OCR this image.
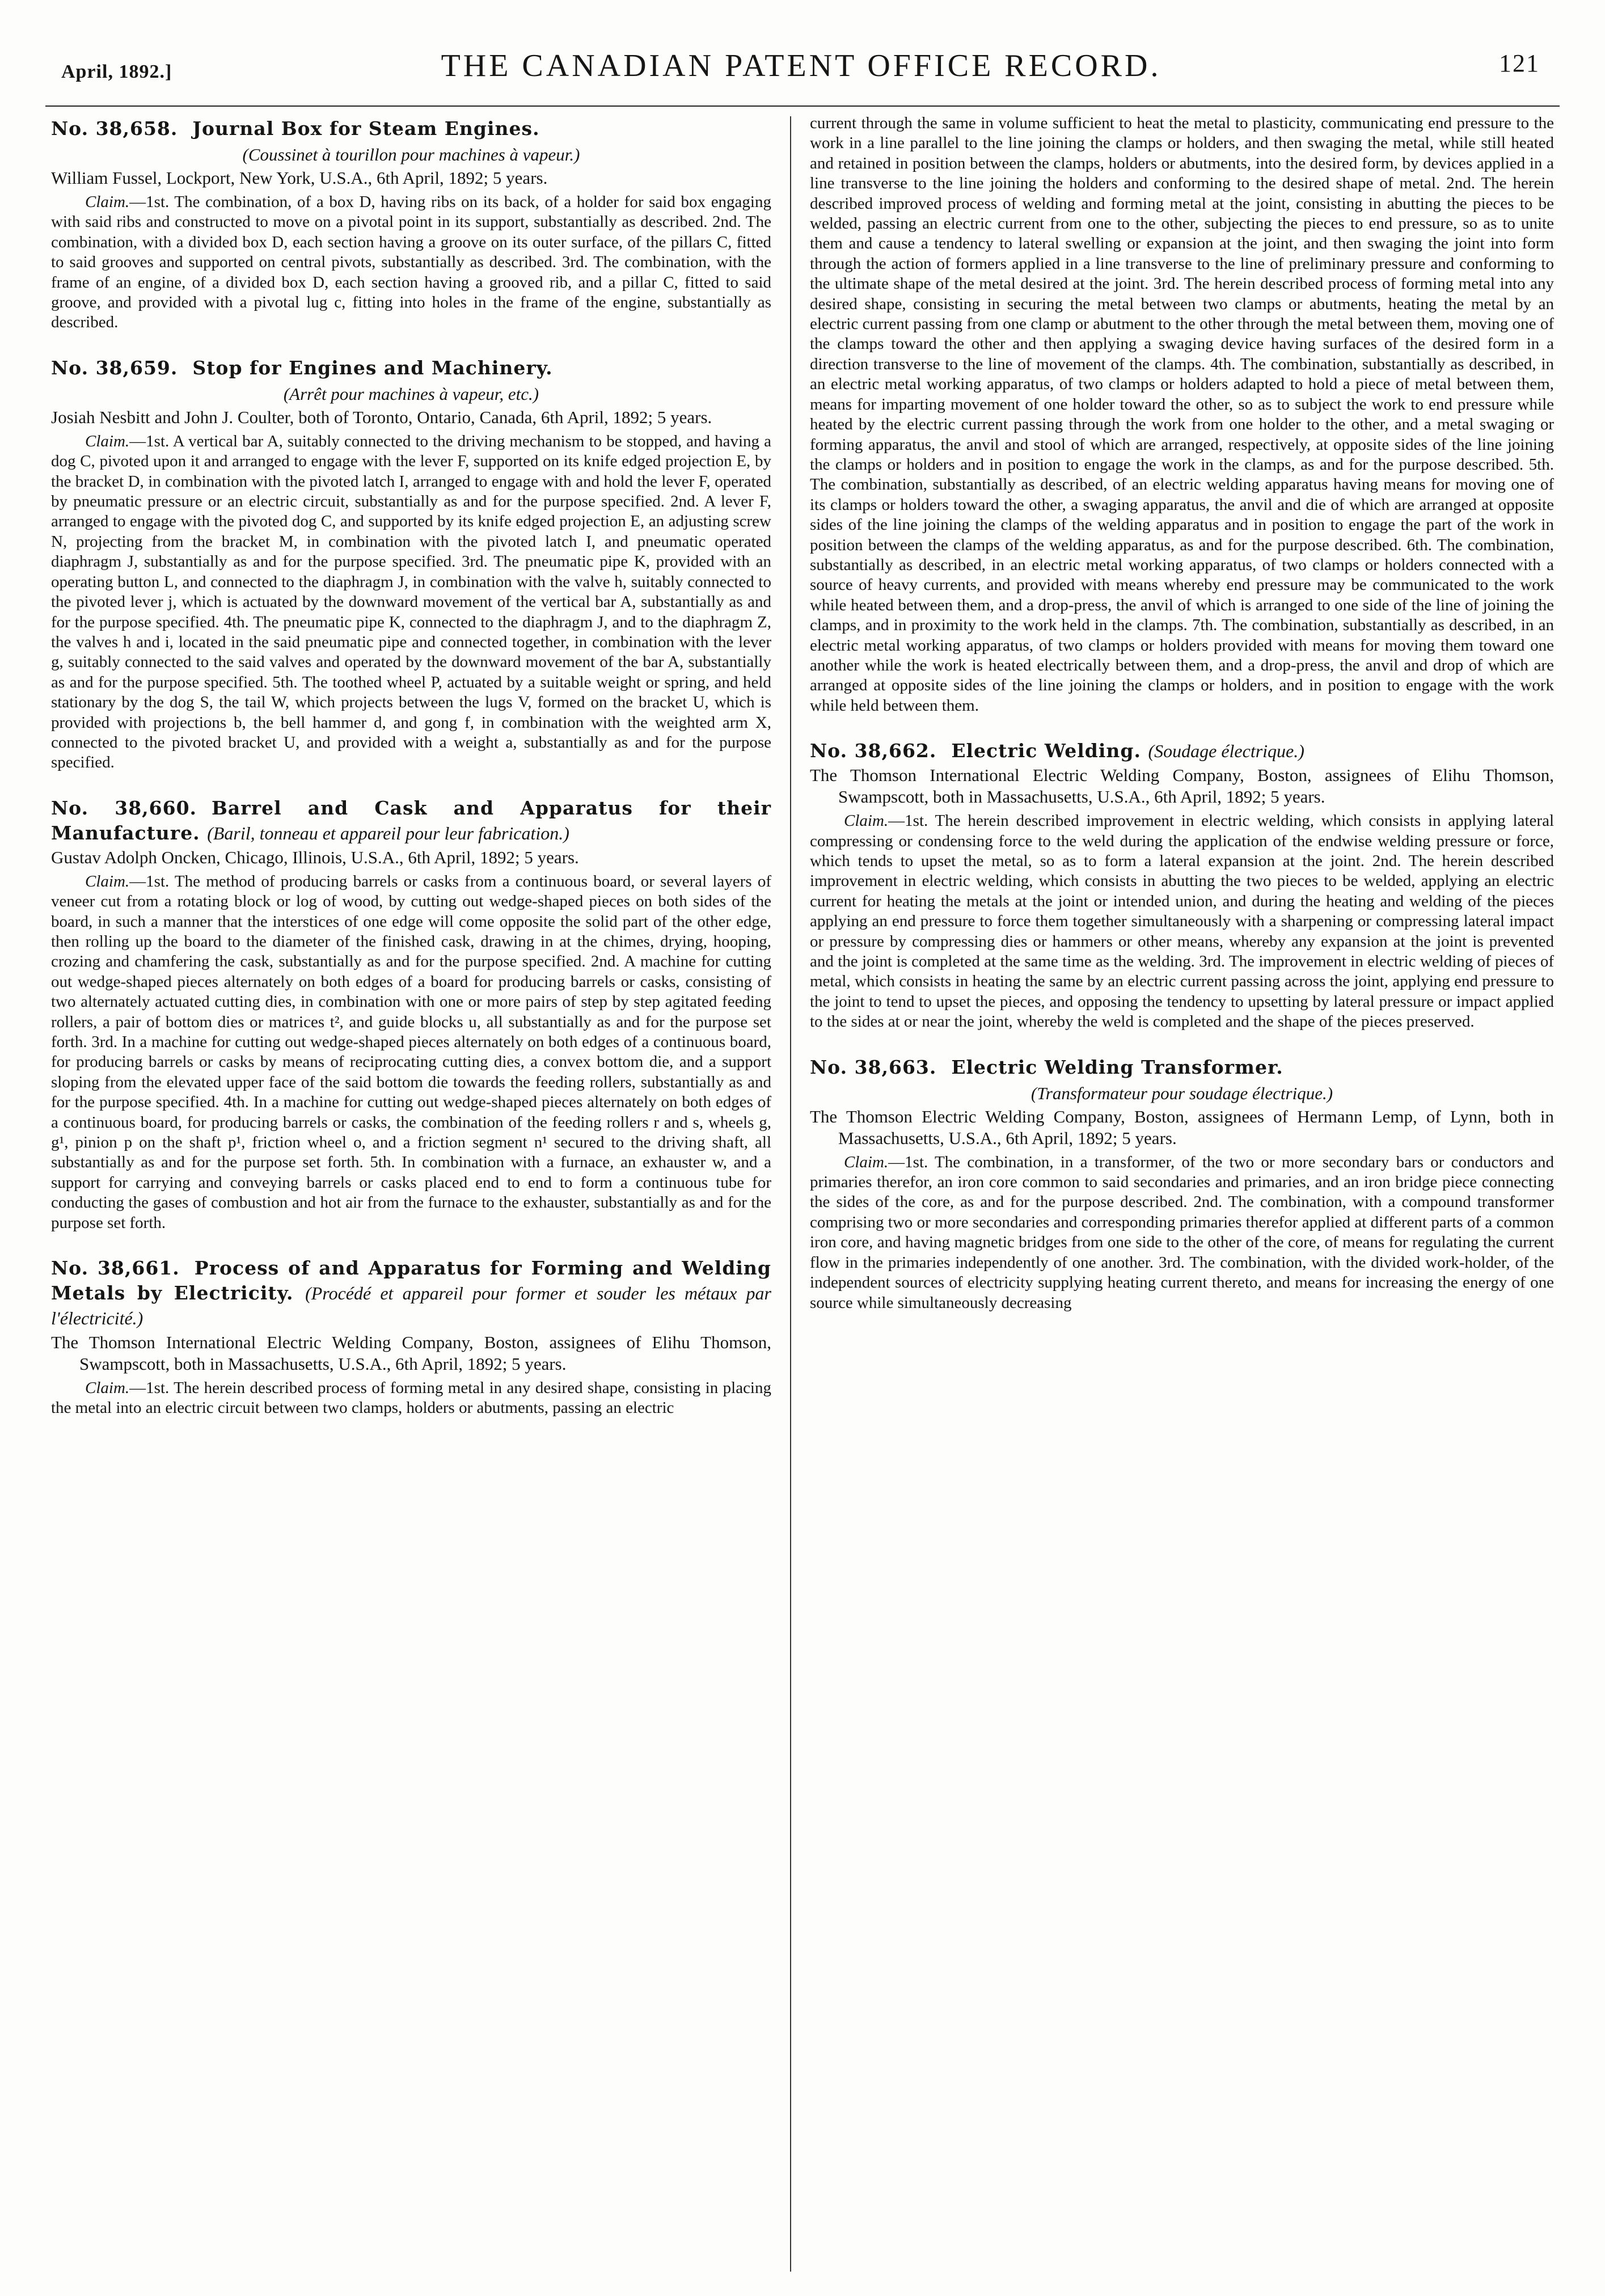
April, 1892.]	THE CANADIAN PATENT OFFICE RECORD.	121
No. 38,658. Journal Box for Steam Engines.
(Coussinet à tourillon pour machines à vapeur.)
William Fussel, Lockport, New York, U.S.A., 6th April, 1892; 5 years.

Claim.—1st. The combination, of a box D, having ribs on its back, of a holder for said box engaging with said ribs and constructed to move on a pivotal point in its support, substantially as described. 2nd. The combination, with a divided box D, each section having a groove on its outer surface, of the pillars C, fitted to said grooves and supported on central pivots, substantially as described. 3rd. The combination, with the frame of an engine, of a divided box D, each section having a grooved rib, and a pillar C, fitted to said groove, and provided with a pivotal lug c, fitting into holes in the frame of the engine, substantially as described.

No. 38,659. Stop for Engines and Machinery.
(Arrêt pour machines à vapeur, etc.)
Josiah Nesbitt and John J. Coulter, both of Toronto, Ontario, Canada, 6th April, 1892; 5 years.

Claim.—1st. A vertical bar A, suitably connected to the driving mechanism to be stopped, and having a dog C, pivoted upon it and arranged to engage with the lever F, supported on its knife edged projection E, by the bracket D, in combination with the pivoted latch I, arranged to engage with and hold the lever F, operated by pneumatic pressure or an electric circuit, substantially as and for the purpose specified. 2nd. A lever F, arranged to engage with the pivoted dog C, and supported by its knife edged projection E, an adjusting screw N, projecting from the bracket M, in combination with the pivoted latch I, and pneumatic operated diaphragm J, substantially as and for the purpose specified. 3rd. The pneumatic pipe K, provided with an operating button L, and connected to the diaphragm J, in combination with the valve h, suitably connected to the pivoted lever j, which is actuated by the downward movement of the vertical bar A, substantially as and for the purpose specified. 4th. The pneumatic pipe K, connected to the diaphragm J, and to the diaphragm Z, the valves h and i, located in the said pneumatic pipe and connected together, in combination with the lever g, suitably connected to the said valves and operated by the downward movement of the bar A, substantially as and for the purpose specified. 5th. The toothed wheel P, actuated by a suitable weight or spring, and held stationary by the dog S, the tail W, which projects between the lugs V, formed on the bracket U, which is provided with projections b, the bell hammer d, and gong f, in combination with the weighted arm X, connected to the pivoted bracket U, and provided with a weight a, substantially as and for the purpose specified.

No. 38,660. Barrel and Cask and Apparatus for their Manufacture. (Baril, tonneau et appareil pour leur fabrication.)
Gustav Adolph Oncken, Chicago, Illinois, U.S.A., 6th April, 1892; 5 years.

Claim.—1st. The method of producing barrels or casks from a continuous board, or several layers of veneer cut from a rotating block or log of wood, by cutting out wedge-shaped pieces on both sides of the board, in such a manner that the interstices of one edge will come opposite the solid part of the other edge, then rolling up the board to the diameter of the finished cask, drawing in at the chimes, drying, hooping, crozing and chamfering the cask, substantially as and for the purpose specified. 2nd. A machine for cutting out wedge-shaped pieces alternately on both edges of a board for producing barrels or casks, consisting of two alternately actuated cutting dies, in combination with one or more pairs of step by step agitated feeding rollers, a pair of bottom dies or matrices t², and guide blocks u, all substantially as and for the purpose set forth. 3rd. In a machine for cutting out wedge-shaped pieces alternately on both edges of a continuous board, for producing barrels or casks by means of reciprocating cutting dies, a convex bottom die, and a support sloping from the elevated upper face of the said bottom die towards the feeding rollers, substantially as and for the purpose specified. 4th. In a machine for cutting out wedge-shaped pieces alternately on both edges of a continuous board, for producing barrels or casks, the combination of the feeding rollers r and s, wheels g, g¹, pinion p on the shaft p¹, friction wheel o, and a friction segment n¹ secured to the driving shaft, all substantially as and for the purpose set forth. 5th. In combination with a furnace, an exhauster w, and a support for carrying and conveying barrels or casks placed end to end to form a continuous tube for conducting the gases of combustion and hot air from the furnace to the exhauster, substantially as and for the purpose set forth.

No. 38,661. Process of and Apparatus for Forming and Welding Metals by Electricity. (Procédé et appareil pour former et souder les métaux par l'électricité.)
The Thomson International Electric Welding Company, Boston, assignees of Elihu Thomson, Swampscott, both in Massachusetts, U.S.A., 6th April, 1892; 5 years.

Claim.—1st. The herein described process of forming metal in any desired shape, consisting in placing the metal into an electric circuit between two clamps, holders or abutments, passing an electric

current through the same in volume sufficient to heat the metal to plasticity, communicating end pressure to the work in a line parallel to the line joining the clamps or holders, and then swaging the metal, while still heated and retained in position between the clamps, holders or abutments, into the desired form, by devices applied in a line transverse to the line joining the holders and conforming to the desired shape of metal. 2nd. The herein described improved process of welding and forming metal at the joint, consisting in abutting the pieces to be welded, passing an electric current from one to the other, subjecting the pieces to end pressure, so as to unite them and cause a tendency to lateral swelling or expansion at the joint, and then swaging the joint into form through the action of formers applied in a line transverse to the line of preliminary pressure and conforming to the ultimate shape of the metal desired at the joint. 3rd. The herein described process of forming metal into any desired shape, consisting in securing the metal between two clamps or abutments, heating the metal by an electric current passing from one clamp or abutment to the other through the metal between them, moving one of the clamps toward the other and then applying a swaging device having surfaces of the desired form in a direction transverse to the line of movement of the clamps. 4th. The combination, substantially as described, in an electric metal working apparatus, of two clamps or holders adapted to hold a piece of metal between them, means for imparting movement of one holder toward the other, so as to subject the work to end pressure while heated by the electric current passing through the work from one holder to the other, and a metal swaging or forming apparatus, the anvil and stool of which are arranged, respectively, at opposite sides of the line joining the clamps or holders and in position to engage the work in the clamps, as and for the purpose described. 5th. The combination, substantially as described, of an electric welding apparatus having means for moving one of its clamps or holders toward the other, a swaging apparatus, the anvil and die of which are arranged at opposite sides of the line joining the clamps of the welding apparatus and in position to engage the part of the work in position between the clamps of the welding apparatus, as and for the purpose described. 6th. The combination, substantially as described, in an electric metal working apparatus, of two clamps or holders connected with a source of heavy currents, and provided with means whereby end pressure may be communicated to the work while heated between them, and a drop-press, the anvil of which is arranged to one side of the line of joining the clamps, and in proximity to the work held in the clamps. 7th. The combination, substantially as described, in an electric metal working apparatus, of two clamps or holders provided with means for moving them toward one another while the work is heated electrically between them, and a drop-press, the anvil and drop of which are arranged at opposite sides of the line joining the clamps or holders, and in position to engage with the work while held between them.

No. 38,662. Electric Welding. (Soudage électrique.)
The Thomson International Electric Welding Company, Boston, assignees of Elihu Thomson, Swampscott, both in Massachusetts, U.S.A., 6th April, 1892; 5 years.

Claim.—1st. The herein described improvement in electric welding, which consists in applying lateral compressing or condensing force to the weld during the application of the endwise welding pressure or force, which tends to upset the metal, so as to form a lateral expansion at the joint. 2nd. The herein described improvement in electric welding, which consists in abutting the two pieces to be welded, applying an electric current for heating the metals at the joint or intended union, and during the heating and welding of the pieces applying an end pressure to force them together simultaneously with a sharpening or compressing lateral impact or pressure by compressing dies or hammers or other means, whereby any expansion at the joint is prevented and the joint is completed at the same time as the welding. 3rd. The improvement in electric welding of pieces of metal, which consists in heating the same by an electric current passing across the joint, applying end pressure to the joint to tend to upset the pieces, and opposing the tendency to upsetting by lateral pressure or impact applied to the sides at or near the joint, whereby the weld is completed and the shape of the pieces preserved.

No. 38,663. Electric Welding Transformer.
(Transformateur pour soudage électrique.)
The Thomson Electric Welding Company, Boston, assignees of Hermann Lemp, of Lynn, both in Massachusetts, U.S.A., 6th April, 1892; 5 years.

Claim.—1st. The combination, in a transformer, of the two or more secondary bars or conductors and primaries therefor, an iron core common to said secondaries and primaries, and an iron bridge piece connecting the sides of the core, as and for the purpose described. 2nd. The combination, with a compound transformer comprising two or more secondaries and corresponding primaries therefor applied at different parts of a common iron core, and having magnetic bridges from one side to the other of the core, of means for regulating the current flow in the primaries independently of one another. 3rd. The combination, with the divided work-holder, of the independent sources of electricity supplying heating current thereto, and means for increasing the energy of one source while simultaneously decreasing
